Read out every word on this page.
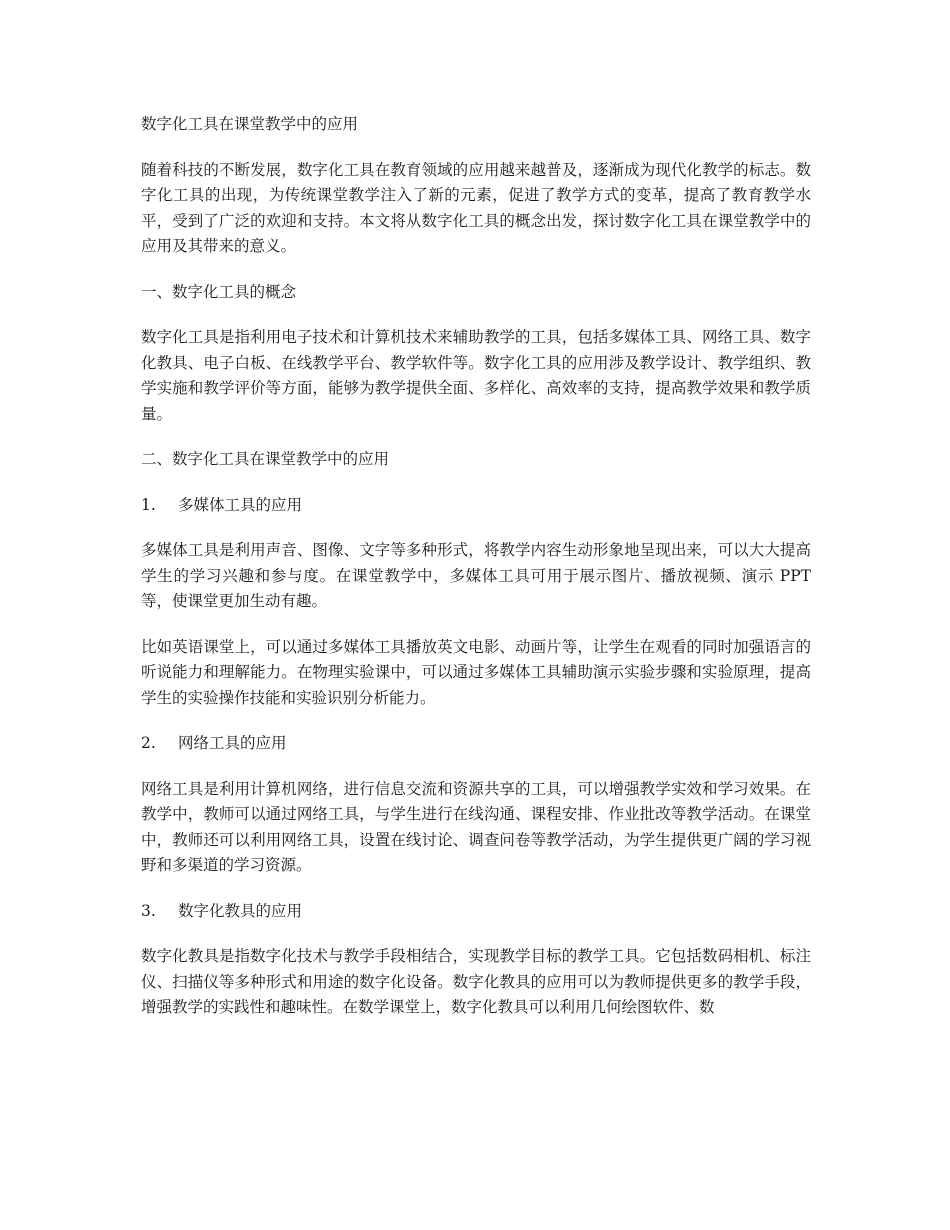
数字化工具在课堂教学中的应用

随着科技的不断发展，数字化工具在教育领域的应用越来越普及，逐渐成为现代化教学的标志。数字化工具的出现，为传统课堂教学注入了新的元素，促进了教学方式的变革，提高了教育教学水平，受到了广泛的欢迎和支持。本文将从数字化工具的概念出发，探讨数字化工具在课堂教学中的应用及其带来的意义。

一、数字化工具的概念

数字化工具是指利用电子技术和计算机技术来辅助教学的工具，包括多媒体工具、网络工具、数字化教具、电子白板、在线教学平台、教学软件等。数字化工具的应用涉及教学设计、教学组织、教学实施和教学评价等方面，能够为教学提供全面、多样化、高效率的支持，提高教学效果和教学质量。

二、数字化工具在课堂教学中的应用

1.	多媒体工具的应用

多媒体工具是利用声音、图像、文字等多种形式，将教学内容生动形象地呈现出来，可以大大提高学生的学习兴趣和参与度。在课堂教学中，多媒体工具可用于展示图片、播放视频、演示 PPT 等，使课堂更加生动有趣。

比如英语课堂上，可以通过多媒体工具播放英文电影、动画片等，让学生在观看的同时加强语言的听说能力和理解能力。在物理实验课中，可以通过多媒体工具辅助演示实验步骤和实验原理，提高学生的实验操作技能和实验识别分析能力。

2.	网络工具的应用

网络工具是利用计算机网络，进行信息交流和资源共享的工具，可以增强教学实效和学习效果。在教学中，教师可以通过网络工具，与学生进行在线沟通、课程安排、作业批改等教学活动。在课堂中，教师还可以利用网络工具，设置在线讨论、调查问卷等教学活动，为学生提供更广阔的学习视野和多渠道的学习资源。

3.	数字化教具的应用

数字化教具是指数字化技术与教学手段相结合，实现教学目标的教学工具。它包括数码相机、标注仪、扫描仪等多种形式和用途的数字化设备。数字化教具的应用可以为教师提供更多的教学手段，增强教学的实践性和趣味性。在数学课堂上，数字化教具可以利用几何绘图软件、数
